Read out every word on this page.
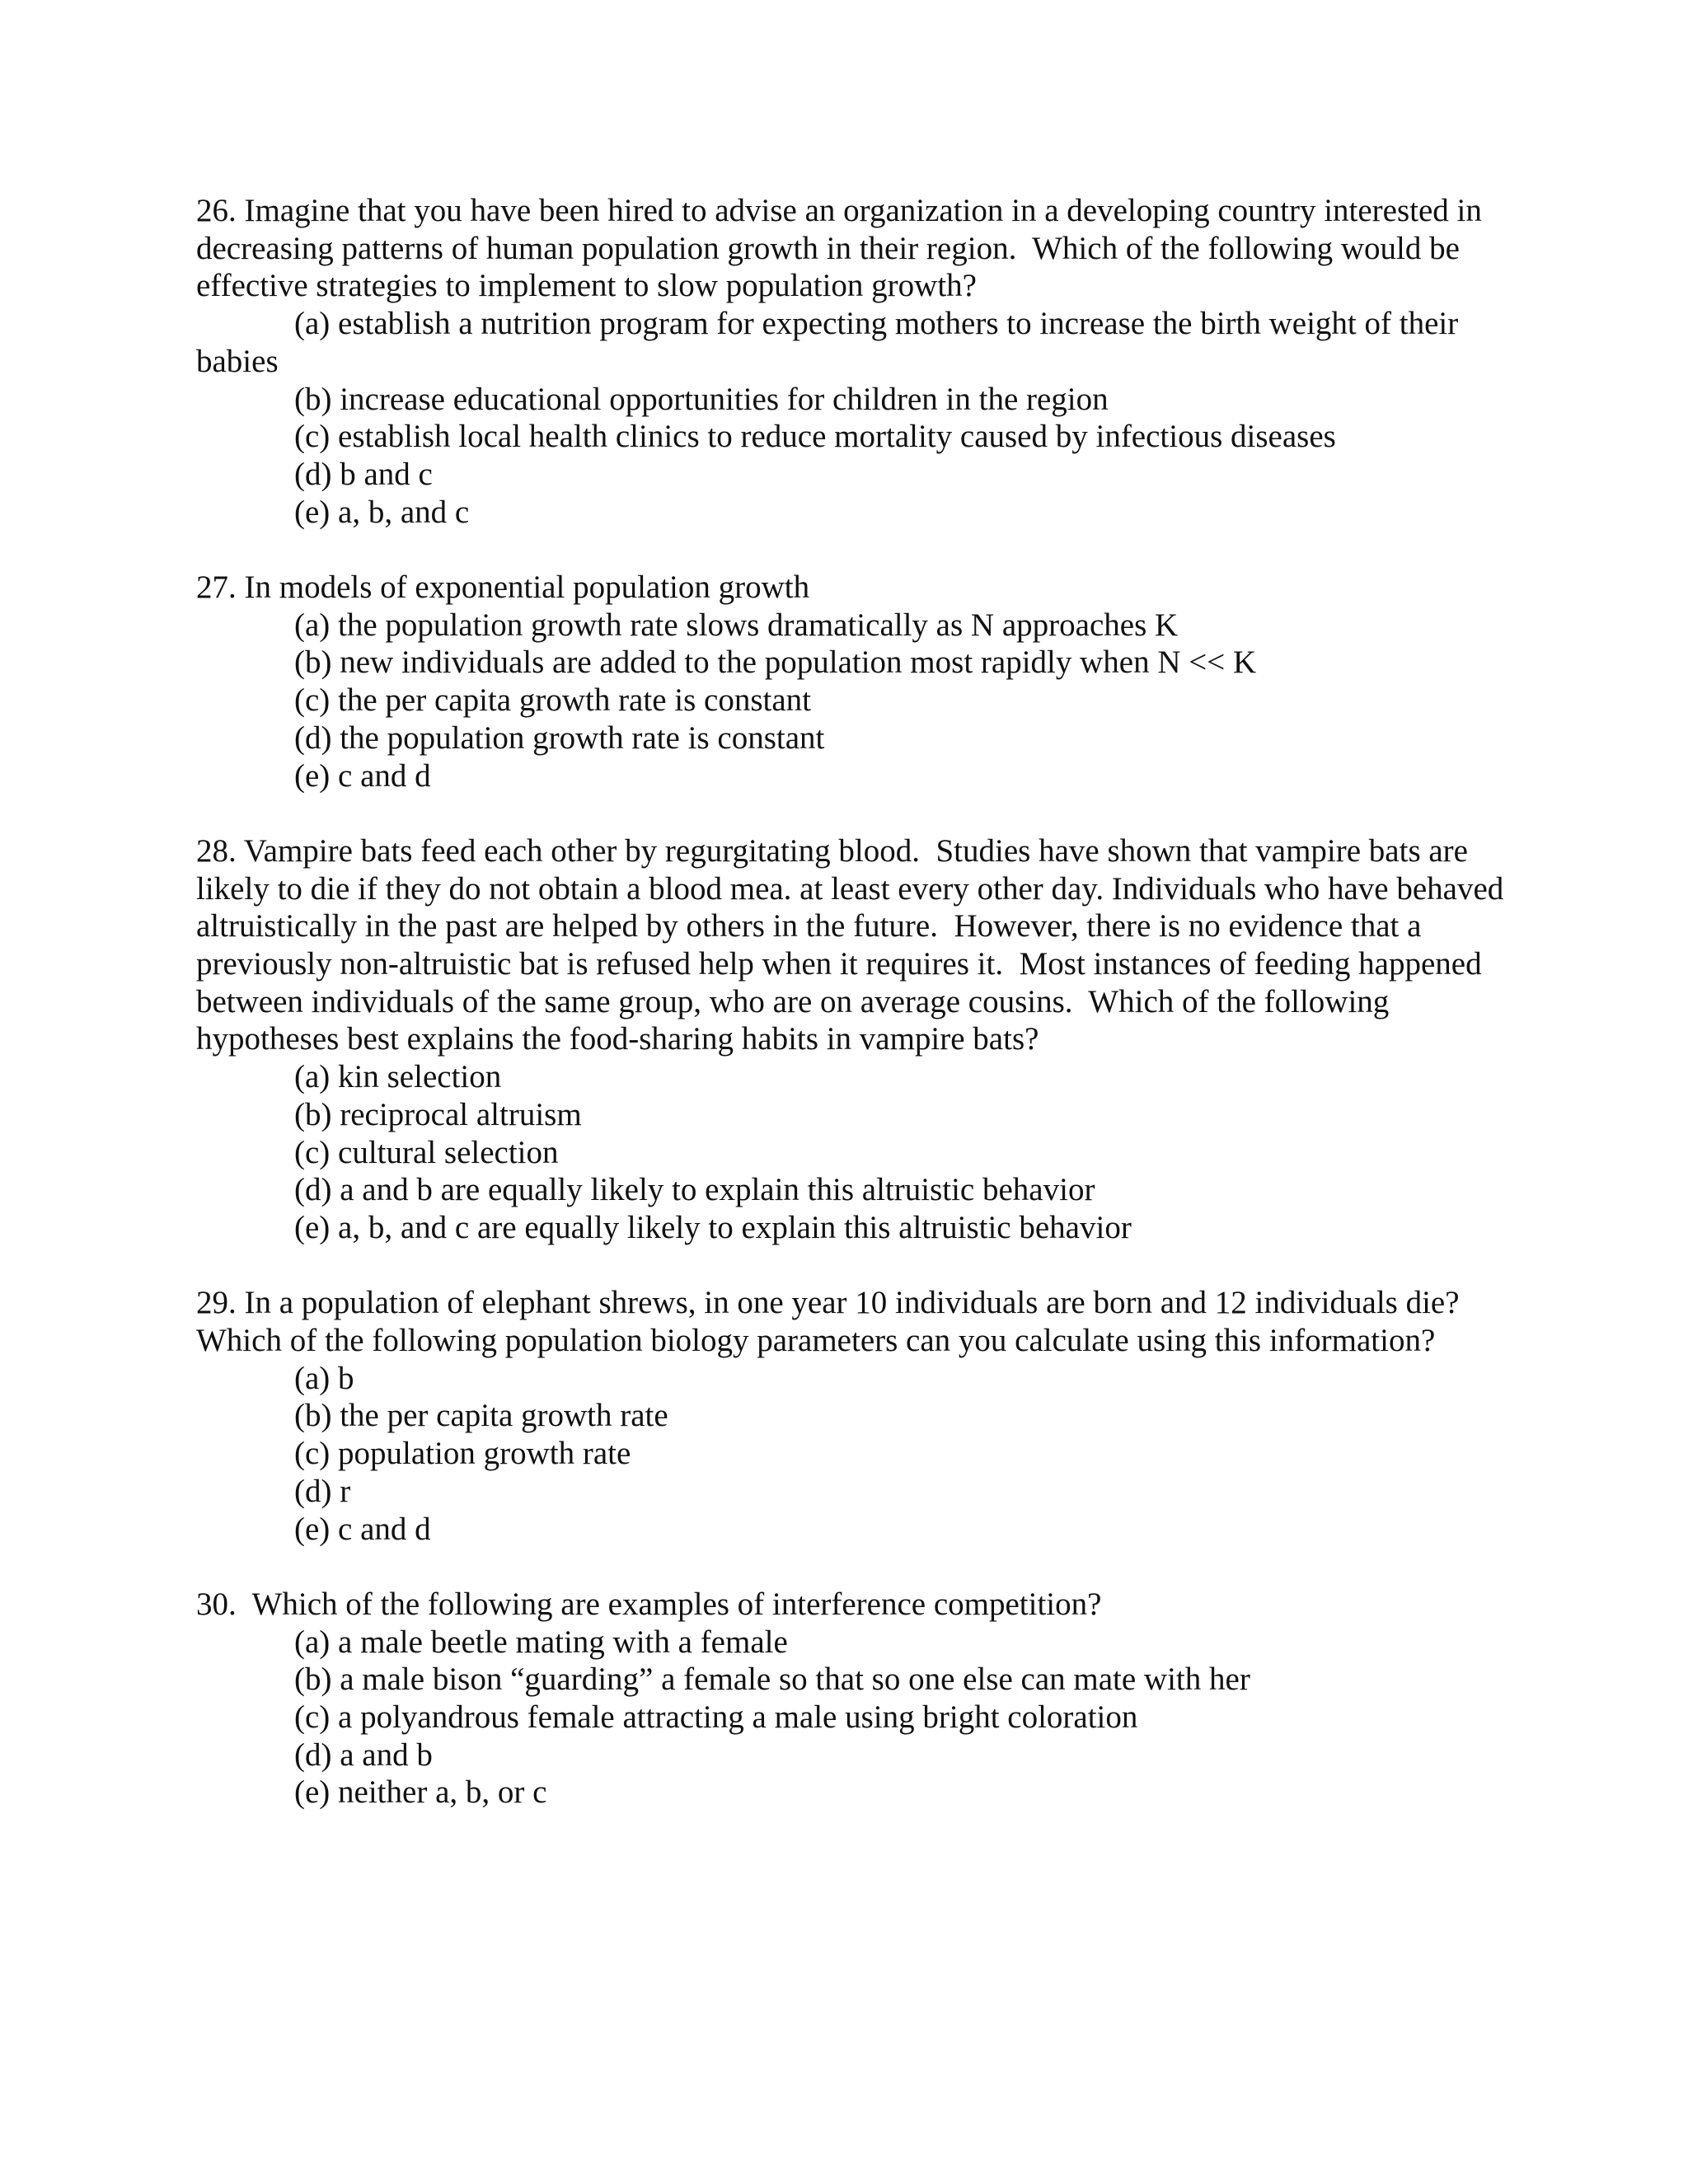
26. Imagine that you have been hired to advise an organization in a developing country interested in decreasing patterns of human population growth in their region.  Which of the following would be effective strategies to implement to slow population growth?

(a) establish a nutrition program for expecting mothers to increase the birth weight of their babies

(b) increase educational opportunities for children in the region

(c) establish local health clinics to reduce mortality caused by infectious diseases

(d) b and c

(e) a, b, and c

27. In models of exponential population growth

(a) the population growth rate slows dramatically as N approaches K

(b) new individuals are added to the population most rapidly when N << K

(c) the per capita growth rate is constant

(d) the population growth rate is constant

(e) c and d

28. Vampire bats feed each other by regurgitating blood.  Studies have shown that vampire bats are likely to die if they do not obtain a blood mea. at least every other day. Individuals who have behaved altruistically in the past are helped by others in the future.  However, there is no evidence that a previously non-altruistic bat is refused help when it requires it.  Most instances of feeding happened between individuals of the same group, who are on average cousins.  Which of the following hypotheses best explains the food-sharing habits in vampire bats?

(a) kin selection

(b) reciprocal altruism

(c) cultural selection

(d) a and b are equally likely to explain this altruistic behavior

(e) a, b, and c are equally likely to explain this altruistic behavior

29. In a population of elephant shrews, in one year 10 individuals are born and 12 individuals die?  Which of the following population biology parameters can you calculate using this information?

(a) b

(b) the per capita growth rate

(c) population growth rate

(d) r

(e) c and d

30.  Which of the following are examples of interference competition?

(a) a male beetle mating with a female

(b) a male bison “guarding” a female so that so one else can mate with her

(c) a polyandrous female attracting a male using bright coloration

(d) a and b

(e) neither a, b, or c
